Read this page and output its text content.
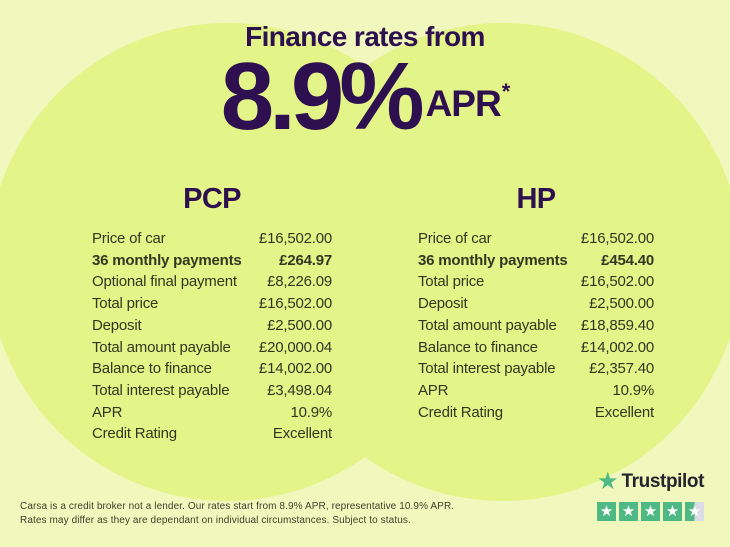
Finance rates from
8.9% APR*
PCP
Price of car	£16,502.00
36 monthly payments	£264.97
Optional final payment £8,226.09
Total price	£16,502.00
Deposit	£2,500.00
Total amount payable £20,000.04
Balance to finance	£14,002.00
Total interest payable	£3,498.04
APR	10.9%
Credit Rating	Excellent
HP
Price of car	£16,502.00
36 monthly payments £454.40
Total price	£16,502.00
Deposit	£2,500.00
Total amount payable £18,859.40
Balance to finance	£14,002.00
Total interest payable £2,357.40
APR	10.9%
Credit Rating	Excellent
Carsa is a credit broker not a lender. Our rates start from 8.9% APR, representative 10.9% APR.
Rates may differ as they are dependant on individual circumstances. Subject to status.
★ Trustpilot
★ ★ ★ ★ ★
